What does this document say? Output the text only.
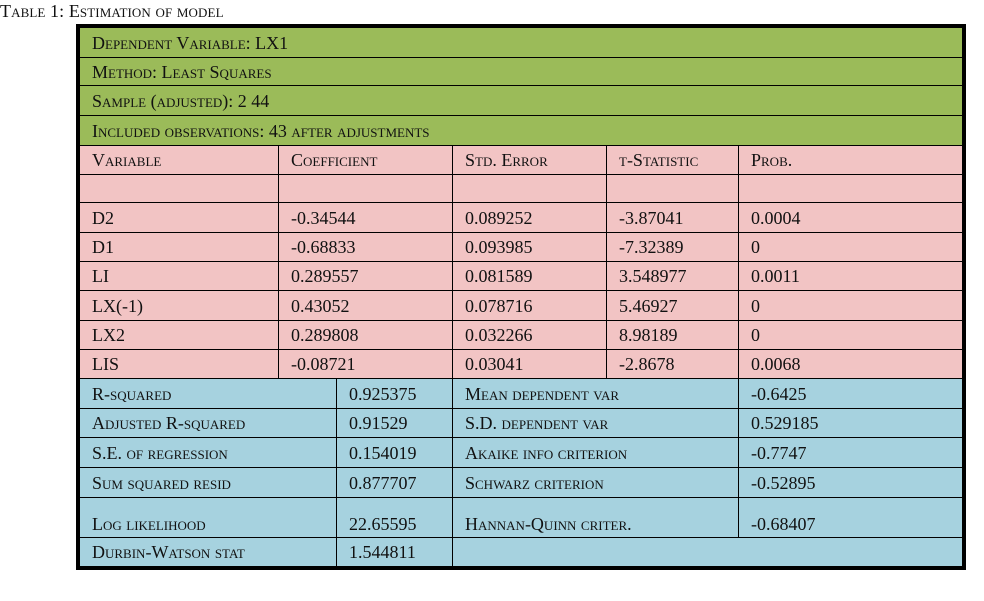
Table 1: Estimation of model
Dependent Variable: LX1
Method: Least Squares
Sample (adjusted): 2 44
Included observations: 43 after adjustments
Variable	Coefficient	Std. Error	t-Statistic	Prob.
D2	-0.34544	0.089252	-3.87041	0.0004
D1	-0.68833	0.093985	-7.32389	0
LI	0.289557	0.081589	3.548977	0.0011
LX(-1)	0.43052	0.078716	5.46927	0
LX2	0.289808	0.032266	8.98189	0
LIS	-0.08721	0.03041	-2.8678	0.0068
R-squared	0.925375	Mean dependent var	-0.6425
Adjusted R-squared	0.91529	S.D. dependent var	0.529185
S.E. of regression	0.154019	Akaike info criterion	-0.7747
Sum squared resid	0.877707	Schwarz criterion	-0.52895
Log likelihood	22.65595	Hannan-Quinn criter.	-0.68407
Durbin-Watson stat	1.544811
